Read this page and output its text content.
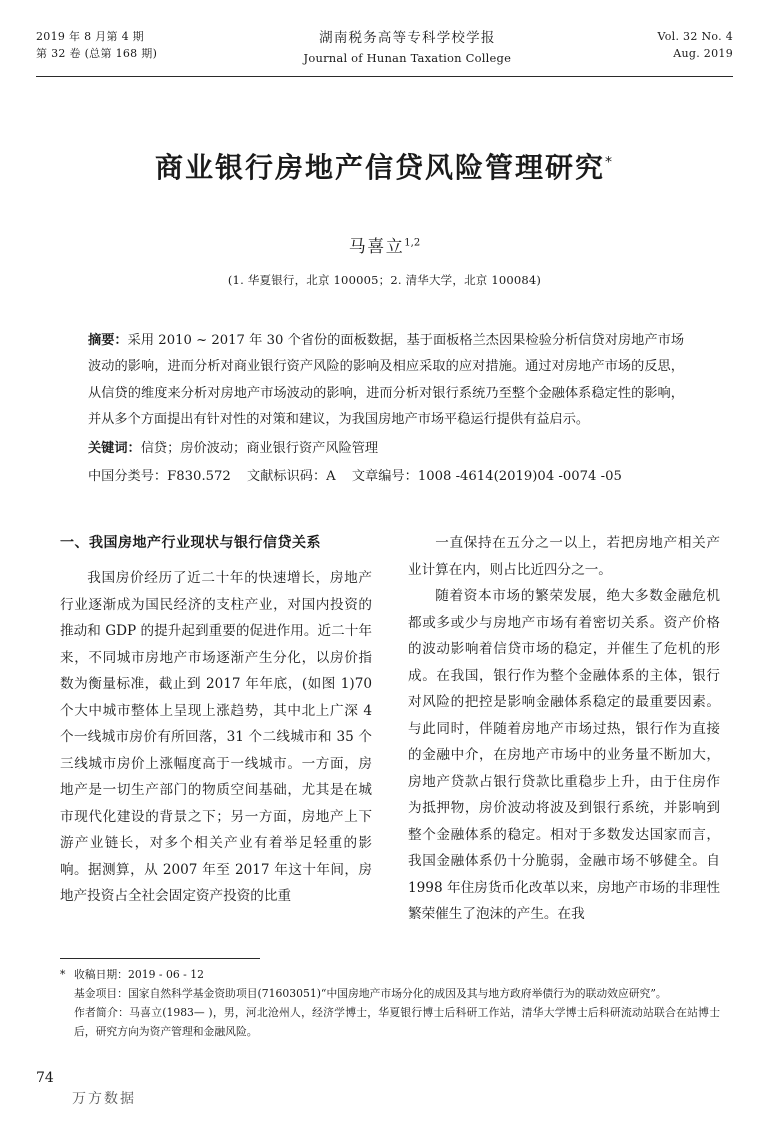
2019 年 8 月第 4 期
第 32 卷 (总第 168 期)
湖南税务高等专科学校学报
Journal of Hunan Taxation College
Vol. 32 No. 4
Aug. 2019
商业银行房地产信贷风险管理研究*
马喜立$^{1,2}$
(1. 华夏银行，北京 100005；2. 清华大学，北京 100084)

摘要：采用 2010 ~ 2017 年 30 个省份的面板数据，基于面板格兰杰因果检验分析信贷对房地产市场波动的影响，进而分析对商业银行资产风险的影响及相应采取的应对措施。通过对房地产市场的反思，从信贷的维度来分析对房地产市场波动的影响，进而分析对银行系统乃至整个金融体系稳定性的影响，并从多个方面提出有针对性的对策和建议，为我国房地产市场平稳运行提供有益启示。

关键词：信贷；房价波动；商业银行资产风险管理

中国分类号：F830.572 文献标识码：A 文章编号：1008 -4614(2019)04 -0074 -05

一、我国房地产行业现状与银行信贷关系

我国房价经历了近二十年的快速增长，房地产行业逐渐成为国民经济的支柱产业，对国内投资的推动和 GDP 的提升起到重要的促进作用。近二十年来，不同城市房地产市场逐渐产生分化，以房价指数为衡量标准，截止到 2017 年年底，(如图 1)70 个大中城市整体上呈现上涨趋势，其中北上广深 4 个一线城市房价有所回落，31 个二线城市和 35 个三线城市房价上涨幅度高于一线城市。一方面，房地产是一切生产部门的物质空间基础，尤其是在城市现代化建设的背景之下；另一方面，房地产上下游产业链长，对多个相关产业有着举足轻重的影响。据测算，从 2007 年至 2017 年这十年间，房地产投资占全社会固定资产投资的比重

一直保持在五分之一以上，若把房地产相关产业计算在内，则占比近四分之一。

随着资本市场的繁荣发展，绝大多数金融危机都或多或少与房地产市场有着密切关系。资产价格的波动影响着信贷市场的稳定，并催生了危机的形成。在我国，银行作为整个金融体系的主体，银行对风险的把控是影响金融体系稳定的最重要因素。与此同时，伴随着房地产市场过热，银行作为直接的金融中介，在房地产市场中的业务量不断加大，房地产贷款占银行贷款比重稳步上升，由于住房作为抵押物，房价波动将波及到银行系统，并影响到整个金融体系的稳定。相对于多数发达国家而言，我国金融体系仍十分脆弱，金融市场不够健全。自 1998 年住房货币化改革以来，房地产市场的非理性繁荣催生了泡沫的产生。在我

* 收稿日期：2019 - 06 - 12

基金项目：国家自然科学基金资助项目(71603051)“中国房地产市场分化的成因及其与地方政府举债行为的联动效应研究”。

作者简介：马喜立(1983— )，男，河北沧州人，经济学博士，华夏银行博士后科研工作站，清华大学博士后科研流动站联合在站博士后，研究方向为资产管理和金融风险。

74
万方数据
